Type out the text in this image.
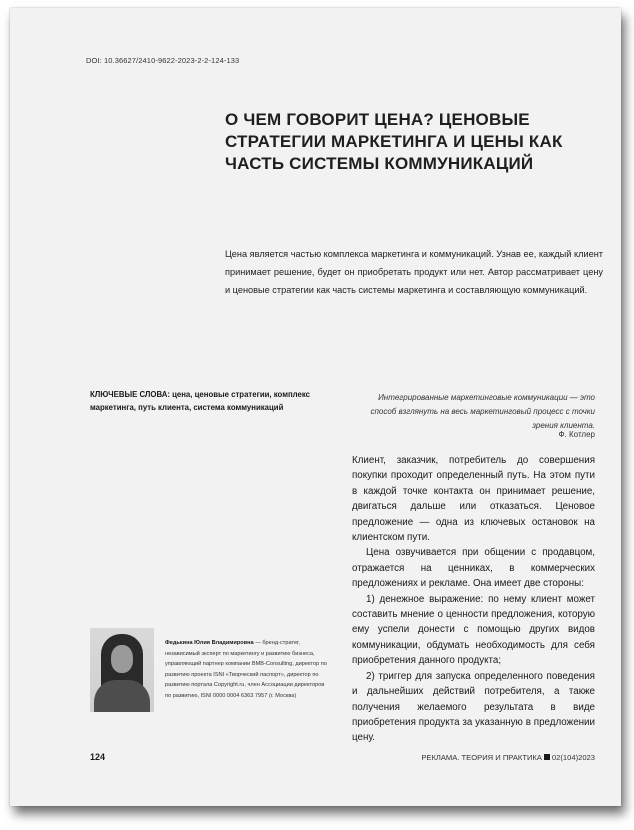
DOI: 10.36627/2410-9622-2023-2-2-124-133
О ЧЕМ ГОВОРИТ ЦЕНА? ЦЕНОВЫЕ СТРАТЕГИИ МАРКЕТИНГА И ЦЕНЫ КАК ЧАСТЬ СИСТЕМЫ КОММУНИКАЦИЙ
Цена является частью комплекса маркетинга и коммуникаций. Узнав ее, каждый клиент принимает решение, будет он приобретать продукт или нет. Автор рассматривает цену и ценовые стратегии как часть системы маркетинга и составляющую коммуникаций.
КЛЮЧЕВЫЕ СЛОВА: цена, ценовые стратегии, комплекс маркетинга, путь клиента, система коммуникаций
Интегрированные маркетинговые коммуникации — это способ взглянуть на весь маркетинговый процесс с точки зрения клиента.
Ф. Котлер

Клиент, заказчик, потребитель до совершения покупки проходит определенный путь. На этом пути в каждой точке контакта он принимает решение, двигаться дальше или отказаться. Ценовое предложение — одна из ключевых остановок на клиентском пути.

Цена озвучивается при общении с продавцом, отражается на ценниках, в коммерческих предложениях и рекламе. Она имеет две стороны:

1) денежное выражение: по нему клиент может составить мнение о ценности предложения, которую ему успели донести с помощью других видов коммуникации, обдумать необходимость для себя приобретения данного продукта;

2) триггер для запуска определенного поведения и дальнейших действий потребителя, а также получения желаемого результата в виде приобретения продукта за указанную в предложении цену.

Федькина Юлия Владимировна — бренд-стратег, независимый эксперт по маркетингу и развитию бизнеса, управляющий партнер компании BMB-Consulting, директор по развитию проекта ISNI «Творческий паспорт», директор по развитию портала Copyright.ru, член Ассоциации директоров по развитию, ISNI 0000 0004 6363 7957 (г. Москва)
124	РЕКЛАМА. ТЕОРИЯ И ПРАКТИКА 02(104)2023
